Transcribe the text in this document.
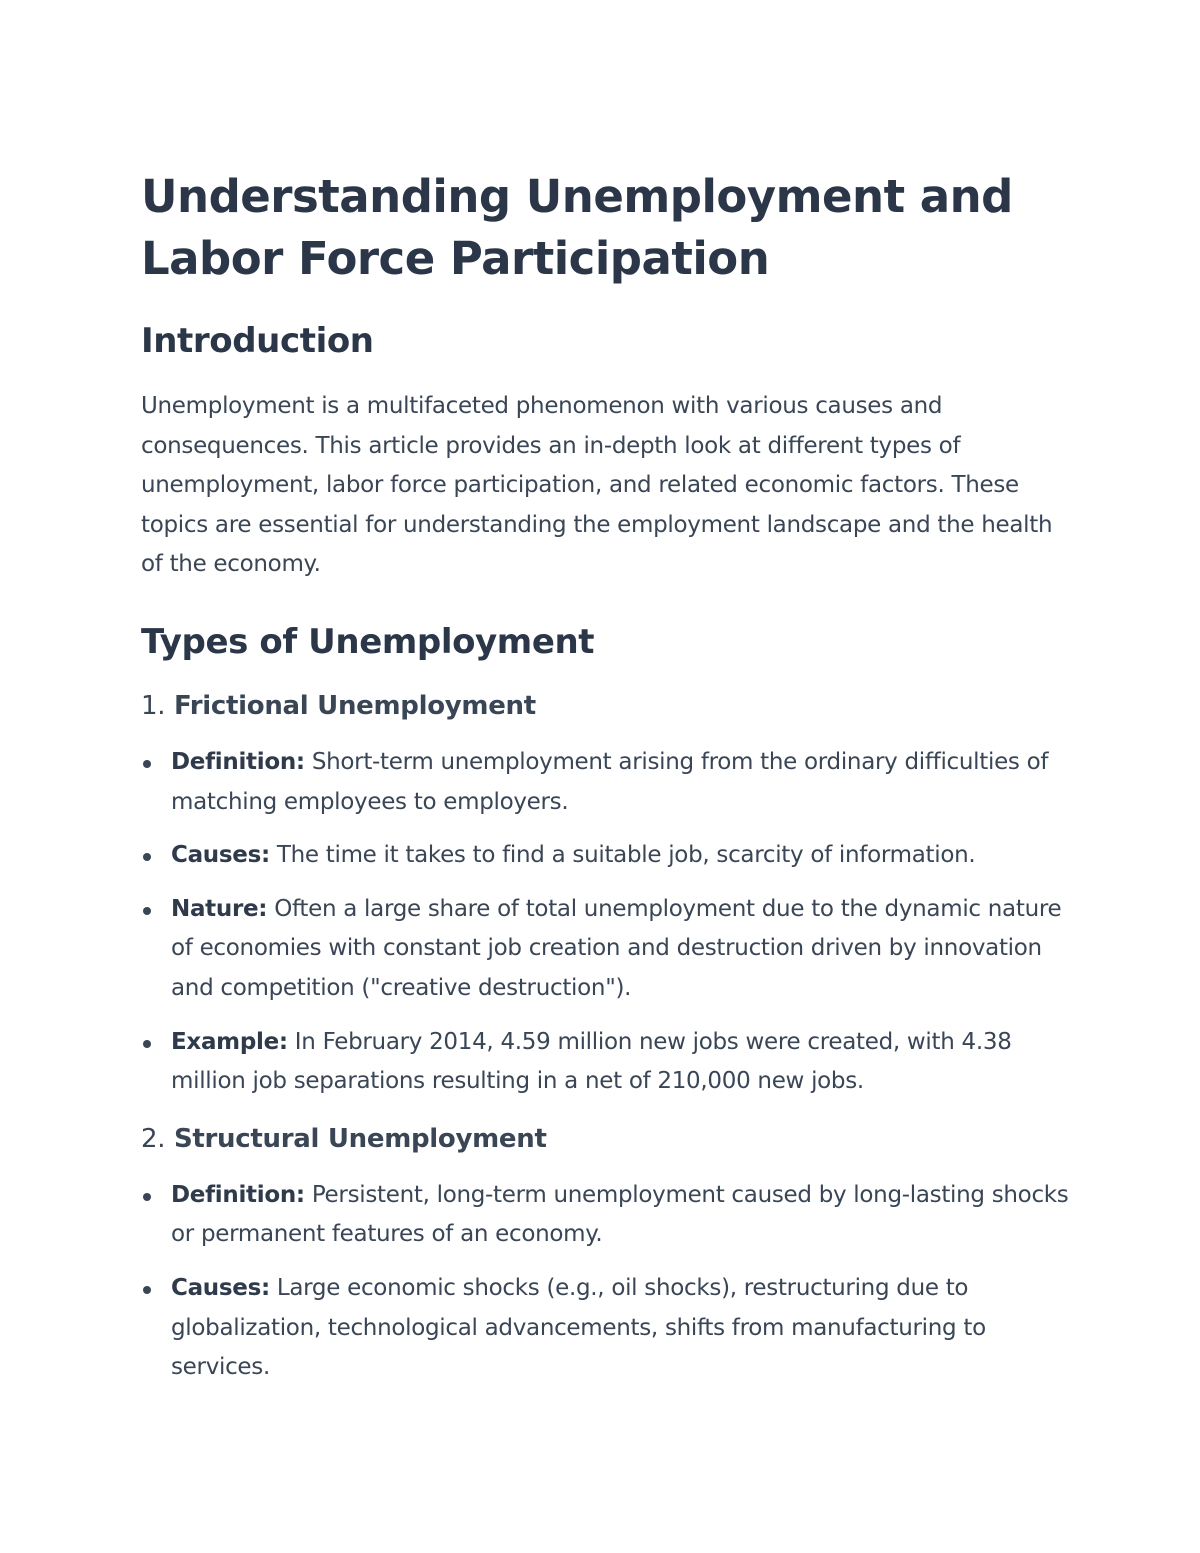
Understanding Unemployment and Labor Force Participation
Introduction

Unemployment is a multifaceted phenomenon with various causes and consequences. This article provides an in-depth look at different types of unemployment, labor force participation, and related economic factors. These topics are essential for understanding the employment landscape and the health of the economy.

Types of Unemployment
1. Frictional Unemployment
Definition: Short-term unemployment arising from the ordinary difficulties of matching employees to employers.
Causes: The time it takes to find a suitable job, scarcity of information.
Nature: Often a large share of total unemployment due to the dynamic nature of economies with constant job creation and destruction driven by innovation and competition ("creative destruction").
Example: In February 2014, 4.59 million new jobs were created, with 4.38 million job separations resulting in a net of 210,000 new jobs.
2. Structural Unemployment
Definition: Persistent, long-term unemployment caused by long-lasting shocks or permanent features of an economy.
Causes: Large economic shocks (e.g., oil shocks), restructuring due to globalization, technological advancements, shifts from manufacturing to services.
